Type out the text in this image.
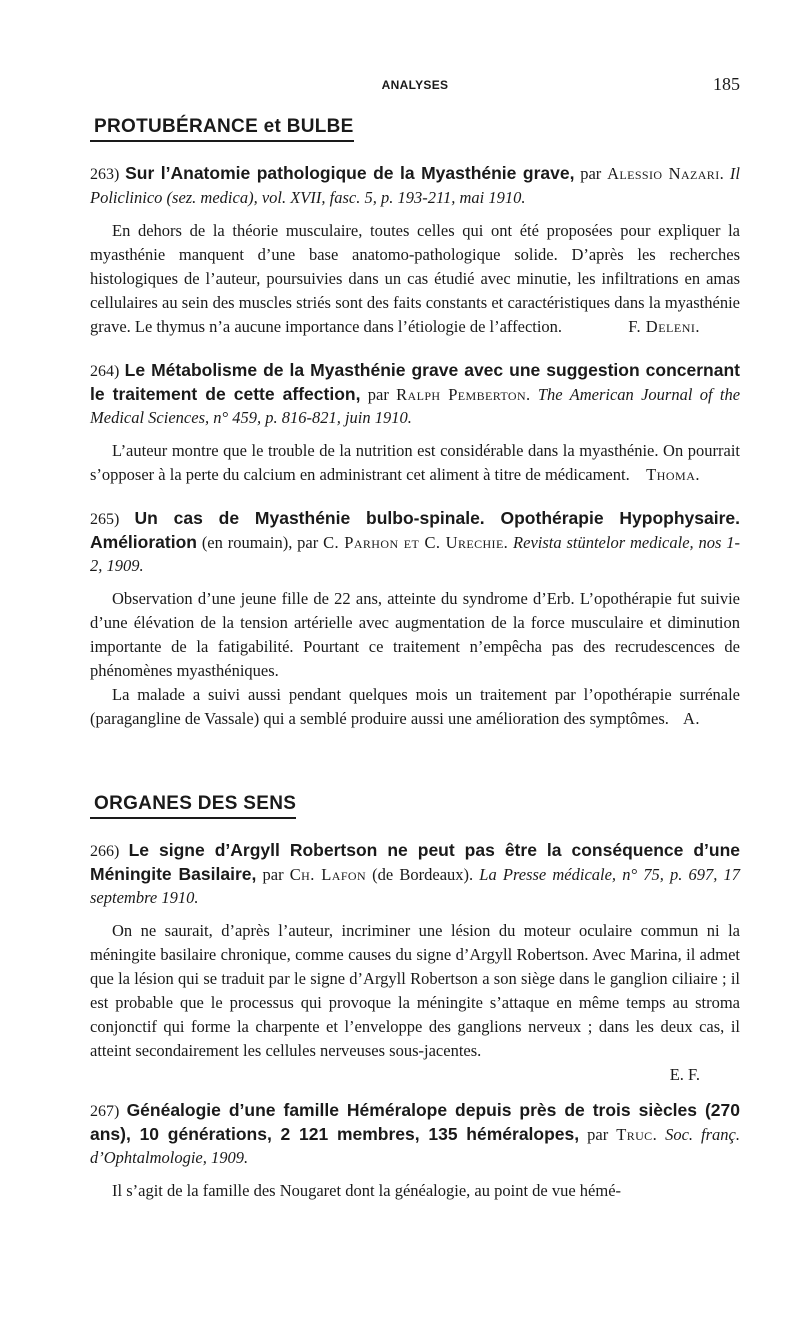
ANALYSES	185
PROTUBÉRANCE et BULBE
263) Sur l’Anatomie pathologique de la Myasthénie grave, par Alessio Nazari. Il Policlinico (sez. medica), vol. XVII, fasc. 5, p. 193-211, mai 1910.
En dehors de la théorie musculaire, toutes celles qui ont été proposées pour expliquer la myasthénie manquent d’une base anatomo-pathologique solide. D’après les recherches histologiques de l’auteur, poursuivies dans un cas étudié avec minutie, les infiltrations en amas cellulaires au sein des muscles striés sont des faits constants et caractéristiques dans la myasthénie grave. Le thymus n’a aucune importance dans l’étiologie de l’affection.	F. Deleni.
264) Le Métabolisme de la Myasthénie grave avec une suggestion concernant le traitement de cette affection, par Ralph Pemberton. The American Journal of the Medical Sciences, n° 459, p. 816-821, juin 1910.
L’auteur montre que le trouble de la nutrition est considérable dans la myasthénie. On pourrait s’opposer à la perte du calcium en administrant cet aliment à titre de médicament. Thoma.
265) Un cas de Myasthénie bulbo-spinale. Opothérapie Hypophysaire. Amélioration (en roumain), par C. Parhon et C. Urechie. Revista stüntelor medicale, nos 1-2, 1909.
Observation d’une jeune fille de 22 ans, atteinte du syndrome d’Erb. L’opothérapie fut suivie d’une élévation de la tension artérielle avec augmentation de la force musculaire et diminution importante de la fatigabilité. Pourtant ce traitement n’empêcha pas des recrudescences de phénomènes myasthéniques.
La malade a suivi aussi pendant quelques mois un traitement par l’opothérapie surrénale (paragangline de Vassale) qui a semblé produire aussi une amélioration des symptômes. A.
ORGANES DES SENS
266) Le signe d’Argyll Robertson ne peut pas être la conséquence d’une Méningite Basilaire, par Ch. Lafon (de Bordeaux). La Presse médicale, n° 75, p. 697, 17 septembre 1910.
On ne saurait, d’après l’auteur, incriminer une lésion du moteur oculaire commun ni la méningite basilaire chronique, comme causes du signe d’Argyll Robertson. Avec Marina, il admet que la lésion qui se traduit par le signe d’Argyll Robertson a son siège dans le ganglion ciliaire ; il est probable que le processus qui provoque la méningite s’attaque en même temps au stroma conjonctif qui forme la charpente et l’enveloppe des ganglions nerveux ; dans les deux cas, il atteint secondairement les cellules nerveuses sous-jacentes.
E. F.
267) Généalogie d’une famille Héméralope depuis près de trois siècles (270 ans), 10 générations, 2 121 membres, 135 héméralopes, par Truc. Soc. franç. d’Ophtalmologie, 1909.
Il s’agit de la famille des Nougaret dont la généalogie, au point de vue hémé-
